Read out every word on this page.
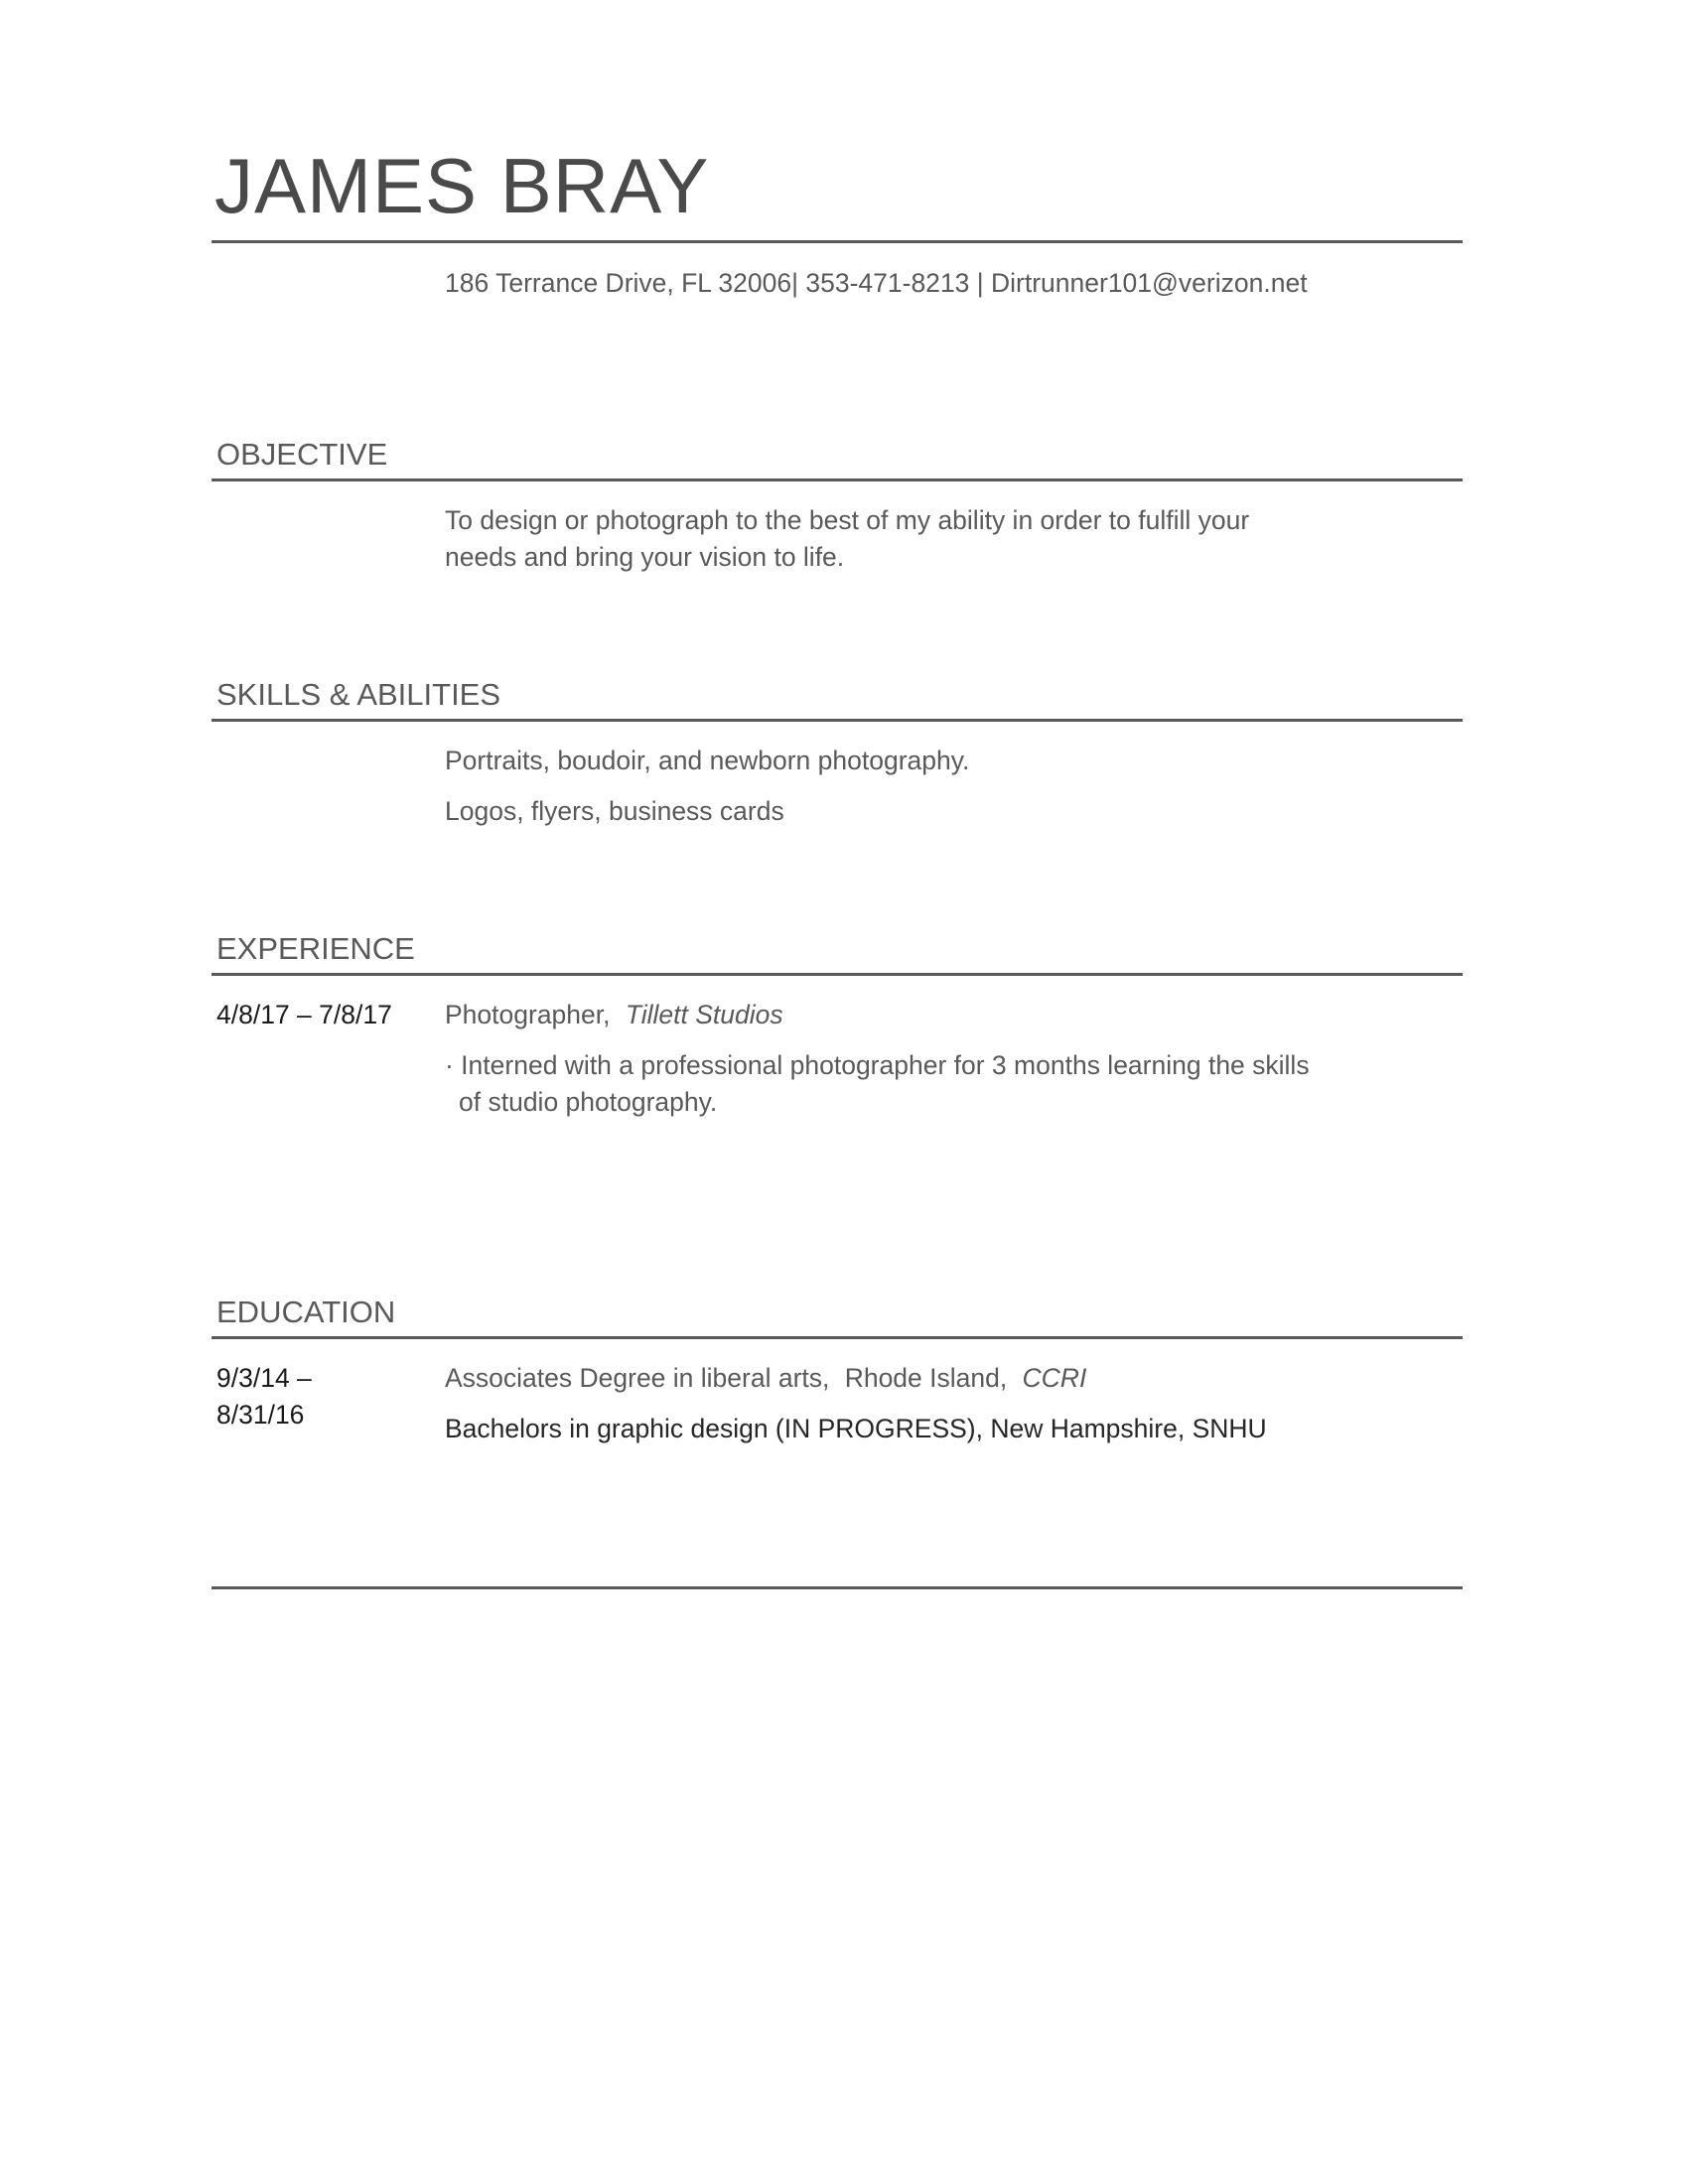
JAMES BRAY
186 Terrance Drive, FL 32006| 353-471-8213 | Dirtrunner101@verizon.net
OBJECTIVE
To design or photograph to the best of my ability in order to fulfill your
needs and bring your vision to life.
SKILLS & ABILITIES
Portraits, boudoir, and newborn photography.
Logos, flyers, business cards
EXPERIENCE
4/8/17 – 7/8/17 Photographer, Tillett Studios
· Interned with a professional photographer for 3 months learning the skills
of studio photography.
EDUCATION
9/3/14 –
8/31/16
Associates Degree in liberal arts, Rhode Island, CCRI
Bachelors in graphic design (IN PROGRESS), New Hampshire, SNHU
